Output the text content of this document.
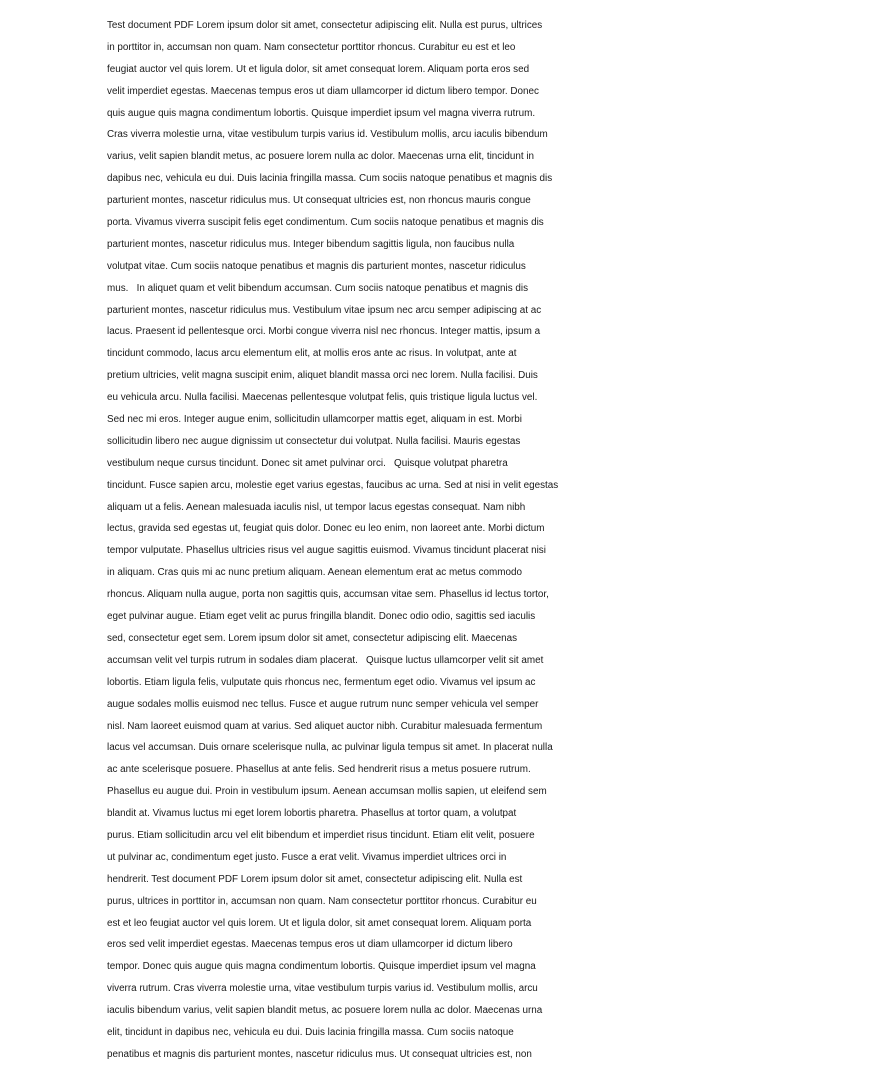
Test document PDF Lorem ipsum dolor sit amet, consectetur adipiscing elit. Nulla est purus, ultrices
in porttitor in, accumsan non quam. Nam consectetur porttitor rhoncus. Curabitur eu est et leo
feugiat auctor vel quis lorem. Ut et ligula dolor, sit amet consequat lorem. Aliquam porta eros sed
velit imperdiet egestas. Maecenas tempus eros ut diam ullamcorper id dictum libero tempor. Donec
quis augue quis magna condimentum lobortis. Quisque imperdiet ipsum vel magna viverra rutrum.
Cras viverra molestie urna, vitae vestibulum turpis varius id. Vestibulum mollis, arcu iaculis bibendum
varius, velit sapien blandit metus, ac posuere lorem nulla ac dolor. Maecenas urna elit, tincidunt in
dapibus nec, vehicula eu dui. Duis lacinia fringilla massa. Cum sociis natoque penatibus et magnis dis
parturient montes, nascetur ridiculus mus. Ut consequat ultricies est, non rhoncus mauris congue
porta. Vivamus viverra suscipit felis eget condimentum. Cum sociis natoque penatibus et magnis dis
parturient montes, nascetur ridiculus mus. Integer bibendum sagittis ligula, non faucibus nulla
volutpat vitae. Cum sociis natoque penatibus et magnis dis parturient montes, nascetur ridiculus
mus.   In aliquet quam et velit bibendum accumsan. Cum sociis natoque penatibus et magnis dis
parturient montes, nascetur ridiculus mus. Vestibulum vitae ipsum nec arcu semper adipiscing at ac
lacus. Praesent id pellentesque orci. Morbi congue viverra nisl nec rhoncus. Integer mattis, ipsum a
tincidunt commodo, lacus arcu elementum elit, at mollis eros ante ac risus. In volutpat, ante at
pretium ultricies, velit magna suscipit enim, aliquet blandit massa orci nec lorem. Nulla facilisi. Duis
eu vehicula arcu. Nulla facilisi. Maecenas pellentesque volutpat felis, quis tristique ligula luctus vel.
Sed nec mi eros. Integer augue enim, sollicitudin ullamcorper mattis eget, aliquam in est. Morbi
sollicitudin libero nec augue dignissim ut consectetur dui volutpat. Nulla facilisi. Mauris egestas
vestibulum neque cursus tincidunt. Donec sit amet pulvinar orci.   Quisque volutpat pharetra
tincidunt. Fusce sapien arcu, molestie eget varius egestas, faucibus ac urna. Sed at nisi in velit egestas
aliquam ut a felis. Aenean malesuada iaculis nisl, ut tempor lacus egestas consequat. Nam nibh
lectus, gravida sed egestas ut, feugiat quis dolor. Donec eu leo enim, non laoreet ante. Morbi dictum
tempor vulputate. Phasellus ultricies risus vel augue sagittis euismod. Vivamus tincidunt placerat nisi
in aliquam. Cras quis mi ac nunc pretium aliquam. Aenean elementum erat ac metus commodo
rhoncus. Aliquam nulla augue, porta non sagittis quis, accumsan vitae sem. Phasellus id lectus tortor,
eget pulvinar augue. Etiam eget velit ac purus fringilla blandit. Donec odio odio, sagittis sed iaculis
sed, consectetur eget sem. Lorem ipsum dolor sit amet, consectetur adipiscing elit. Maecenas
accumsan velit vel turpis rutrum in sodales diam placerat.   Quisque luctus ullamcorper velit sit amet
lobortis. Etiam ligula felis, vulputate quis rhoncus nec, fermentum eget odio. Vivamus vel ipsum ac
augue sodales mollis euismod nec tellus. Fusce et augue rutrum nunc semper vehicula vel semper
nisl. Nam laoreet euismod quam at varius. Sed aliquet auctor nibh. Curabitur malesuada fermentum
lacus vel accumsan. Duis ornare scelerisque nulla, ac pulvinar ligula tempus sit amet. In placerat nulla
ac ante scelerisque posuere. Phasellus at ante felis. Sed hendrerit risus a metus posuere rutrum.
Phasellus eu augue dui. Proin in vestibulum ipsum. Aenean accumsan mollis sapien, ut eleifend sem
blandit at. Vivamus luctus mi eget lorem lobortis pharetra. Phasellus at tortor quam, a volutpat
purus. Etiam sollicitudin arcu vel elit bibendum et imperdiet risus tincidunt. Etiam elit velit, posuere
ut pulvinar ac, condimentum eget justo. Fusce a erat velit. Vivamus imperdiet ultrices orci in
hendrerit. Test document PDF Lorem ipsum dolor sit amet, consectetur adipiscing elit. Nulla est
purus, ultrices in porttitor in, accumsan non quam. Nam consectetur porttitor rhoncus. Curabitur eu
est et leo feugiat auctor vel quis lorem. Ut et ligula dolor, sit amet consequat lorem. Aliquam porta
eros sed velit imperdiet egestas. Maecenas tempus eros ut diam ullamcorper id dictum libero
tempor. Donec quis augue quis magna condimentum lobortis. Quisque imperdiet ipsum vel magna
viverra rutrum. Cras viverra molestie urna, vitae vestibulum turpis varius id. Vestibulum mollis, arcu
iaculis bibendum varius, velit sapien blandit metus, ac posuere lorem nulla ac dolor. Maecenas urna
elit, tincidunt in dapibus nec, vehicula eu dui. Duis lacinia fringilla massa. Cum sociis natoque
penatibus et magnis dis parturient montes, nascetur ridiculus mus. Ut consequat ultricies est, non
